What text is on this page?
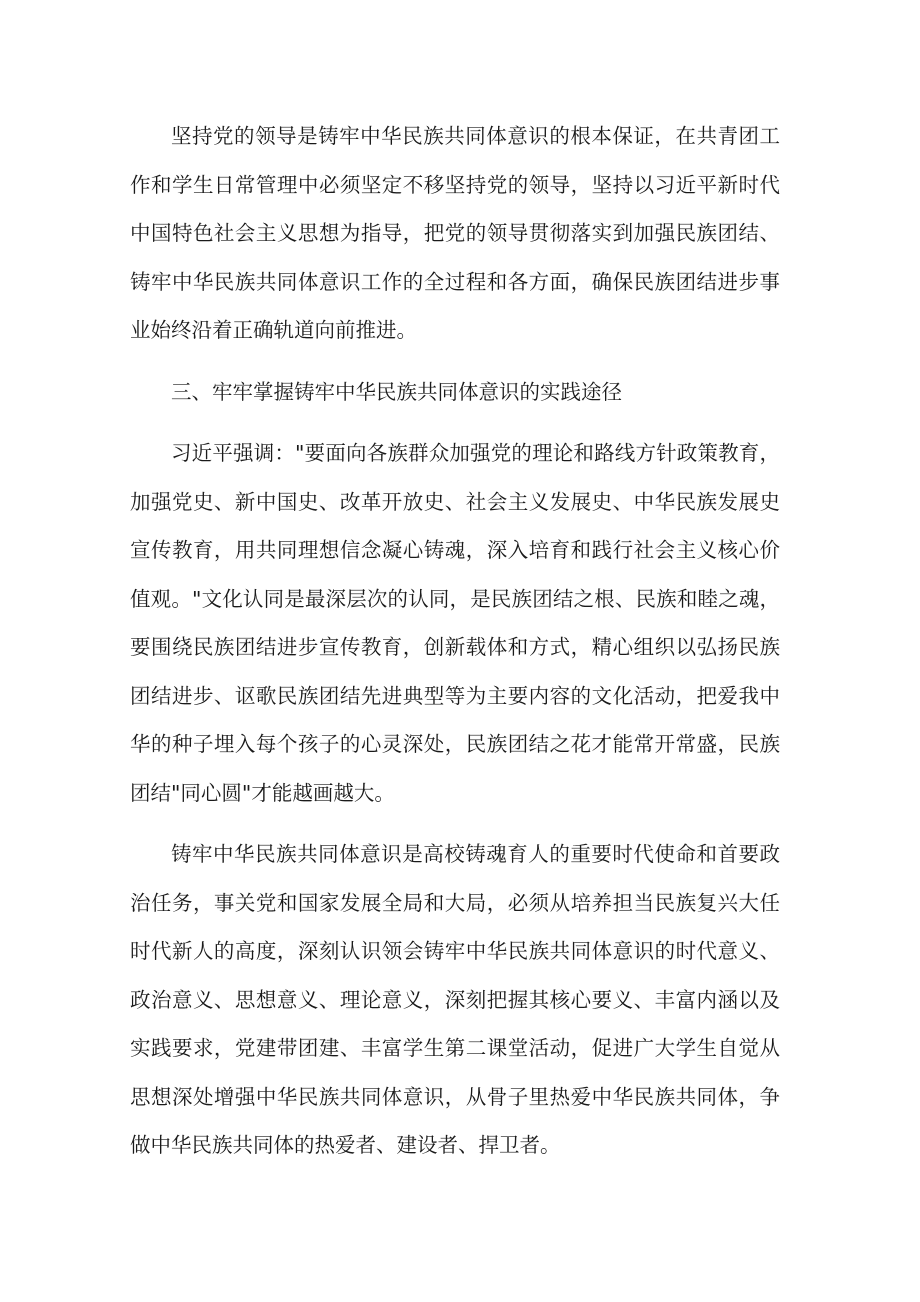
坚持党的领导是铸牢中华民族共同体意识的根本保证，在共青团工作和学生日常管理中必须坚定不移坚持党的领导，坚持以习近平新时代中国特色社会主义思想为指导，把党的领导贯彻落实到加强民族团结、铸牢中华民族共同体意识工作的全过程和各方面，确保民族团结进步事业始终沿着正确轨道向前推进。

三、牢牢掌握铸牢中华民族共同体意识的实践途径

习近平强调："要面向各族群众加强党的理论和路线方针政策教育，加强党史、新中国史、改革开放史、社会主义发展史、中华民族发展史宣传教育，用共同理想信念凝心铸魂，深入培育和践行社会主义核心价值观。"文化认同是最深层次的认同，是民族团结之根、民族和睦之魂，要围绕民族团结进步宣传教育，创新载体和方式，精心组织以弘扬民族团结进步、讴歌民族团结先进典型等为主要内容的文化活动，把爱我中华的种子埋入每个孩子的心灵深处，民族团结之花才能常开常盛，民族团结"同心圆"才能越画越大。

铸牢中华民族共同体意识是高校铸魂育人的重要时代使命和首要政治任务，事关党和国家发展全局和大局，必须从培养担当民族复兴大任时代新人的高度，深刻认识领会铸牢中华民族共同体意识的时代意义、政治意义、思想意义、理论意义，深刻把握其核心要义、丰富内涵以及实践要求，党建带团建、丰富学生第二课堂活动，促进广大学生自觉从思想深处增强中华民族共同体意识，从骨子里热爱中华民族共同体，争做中华民族共同体的热爱者、建设者、捍卫者。
